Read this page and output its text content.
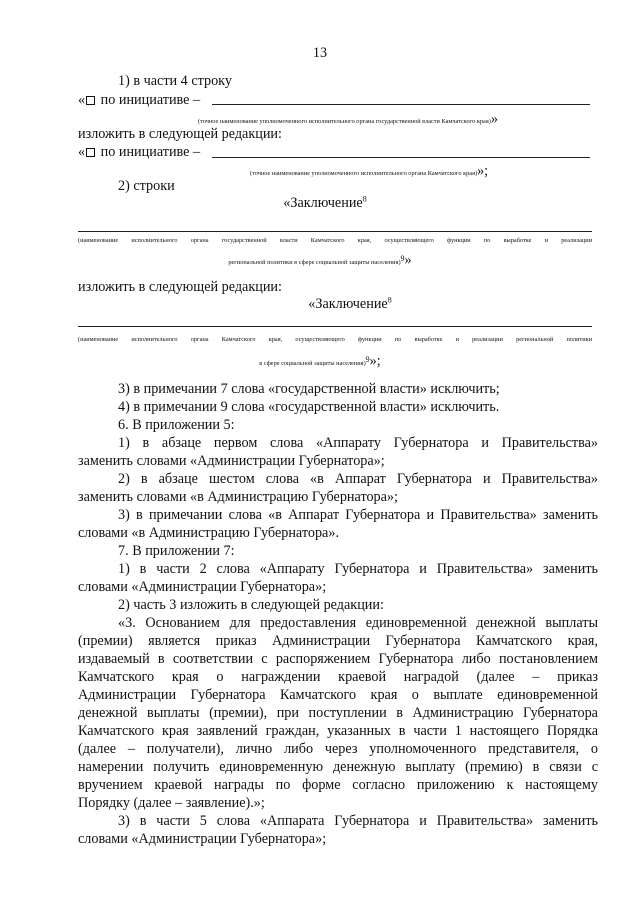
13
1) в части 4 строку
« по инициативе –
(точное наименование уполномоченного исполнительного органа государственной власти Камчатского края)»
изложить в следующей редакции:
« по инициативе –
(точное наименование уполномоченного исполнительного органа Камчатского края)»;
2) строки
«Заключение$^8$
(наименование исполнительного органа государственной власти Камчатского края, осуществляющего функции по выработке и реализации
региональной политики в сфере социальной защиты населения)$^9$»
изложить в следующей редакции:
«Заключение$^8$
(наименование исполнительного органа Камчатского края, осуществляющего функции по выработке и реализации региональной политики
в сфере социальной защиты населения)$^9$»;
3) в примечании 7 слова «государственной власти» исключить;
4) в примечании 9 слова «государственной власти» исключить.
6. В приложении 5:
1) в абзаце первом слова «Аппарату Губернатора и Правительства»
заменить словами «Администрации Губернатора»;
2) в абзаце шестом слова «в Аппарат Губернатора и Правительства»
заменить словами «в Администрацию Губернатора»;
3) в примечании слова «в Аппарат Губернатора и Правительства» заменить
словами «в Администрацию Губернатора».
7. В приложении 7:
1) в части 2 слова «Аппарату Губернатора и Правительства» заменить
словами «Администрации Губернатора»;
2) часть 3 изложить в следующей редакции:
«3. Основанием для предоставления единовременной денежной выплаты
(премии) является приказ Администрации Губернатора Камчатского края,
издаваемый в соответствии с распоряжением Губернатора либо постановлением
Камчатского края о награждении краевой наградой (далее – приказ
Администрации Губернатора Камчатского края о выплате единовременной
денежной выплаты (премии), при поступлении в Администрацию Губернатора
Камчатского края заявлений граждан, указанных в части 1 настоящего Порядка
(далее – получатели), лично либо через уполномоченного представителя, о
намерении получить единовременную денежную выплату (премию) в связи с
вручением краевой награды по форме согласно приложению к настоящему
Порядку (далее – заявление).»;
3) в части 5 слова «Аппарата Губернатора и Правительства» заменить
словами «Администрации Губернатора»;
